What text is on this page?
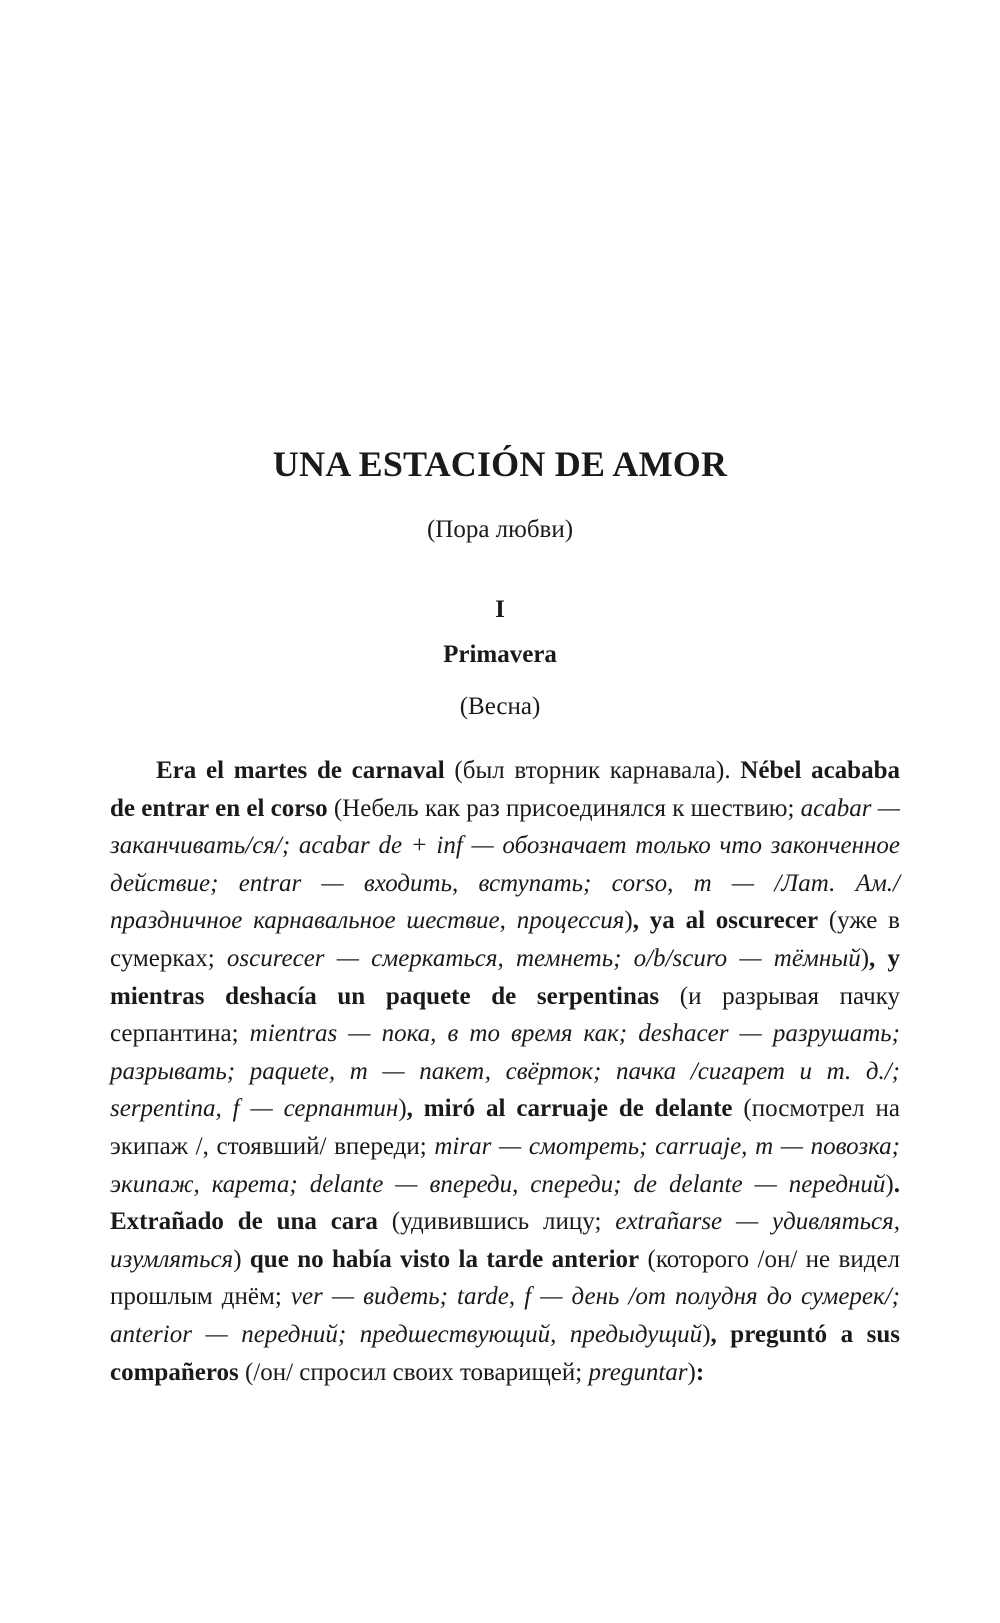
UNA ESTACIÓN DE AMOR
(Пора любви)
I
Primavera
(Весна)

Era el martes de carnaval (был вторник карнавала). Nébel acababa de entrar en el corso (Небель как раз присоединялся к шествию; acabar — заканчивать/ся/; acabar de + inf — обозначает только что законченное действие; entrar — входить, вступать; corso, m — /Лат. Ам./ праздничное карнавальное шествие, процессия), ya al oscurecer (уже в сумерках; oscurecer — смеркаться, темнеть; o/b/scuro — тёмный), y mientras deshacía un paquete de serpentinas (и разрывая пачку серпантина; mientras — пока, в то время как; deshacer — разрушать; разрывать; paquete, m — пакет, свёрток; пачка /сигарет и т. д./; serpentina, f — серпантин), miró al carruaje de delante (посмотрел на экипаж /, стоявший/ впереди; mirar — смотреть; carruaje, m — повозка; экипаж, карета; delante — впереди, спереди; de delante — передний). Extrañado de una cara (удивившись лицу; extrañarse — удивляться, изумляться) que no había visto la tarde anterior (которого /он/ не видел прошлым днём; ver — видеть; tarde, f — день /от полудня до сумерек/; anterior — передний; предшествующий, предыдущий), preguntó a sus compañeros (/он/ спросил своих товарищей; preguntar):
